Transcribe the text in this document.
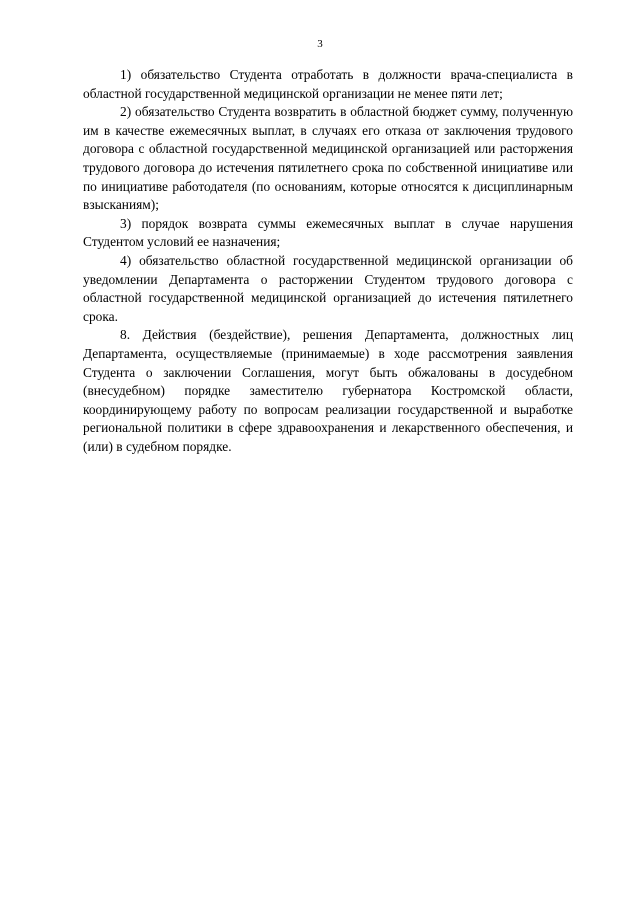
3

1) обязательство Студента отработать в должности врача-специалиста в областной государственной медицинской организации не менее пяти лет;

2) обязательство Студента возвратить в областной бюджет сумму, полученную им в качестве ежемесячных выплат, в случаях его отказа от заключения трудового договора с областной государственной медицинской организацией или расторжения трудового договора до истечения пятилетнего срока по собственной инициативе или по инициативе работодателя (по основаниям, которые относятся к дисциплинарным взысканиям);

3) порядок возврата суммы ежемесячных выплат в случае нарушения Студентом условий ее назначения;

4) обязательство областной государственной медицинской организации об уведомлении Департамента о расторжении Студентом трудового договора с областной государственной медицинской организацией до истечения пятилетнего срока.

8. Действия (бездействие), решения Департамента, должностных лиц Департамента, осуществляемые (принимаемые) в ходе рассмотрения заявления Студента о заключении Соглашения, могут быть обжалованы в досудебном (внесудебном) порядке заместителю губернатора Костромской области, координирующему работу по вопросам реализации государственной и выработке региональной политики в сфере здравоохранения и лекарственного обеспечения, и (или) в судебном порядке.
